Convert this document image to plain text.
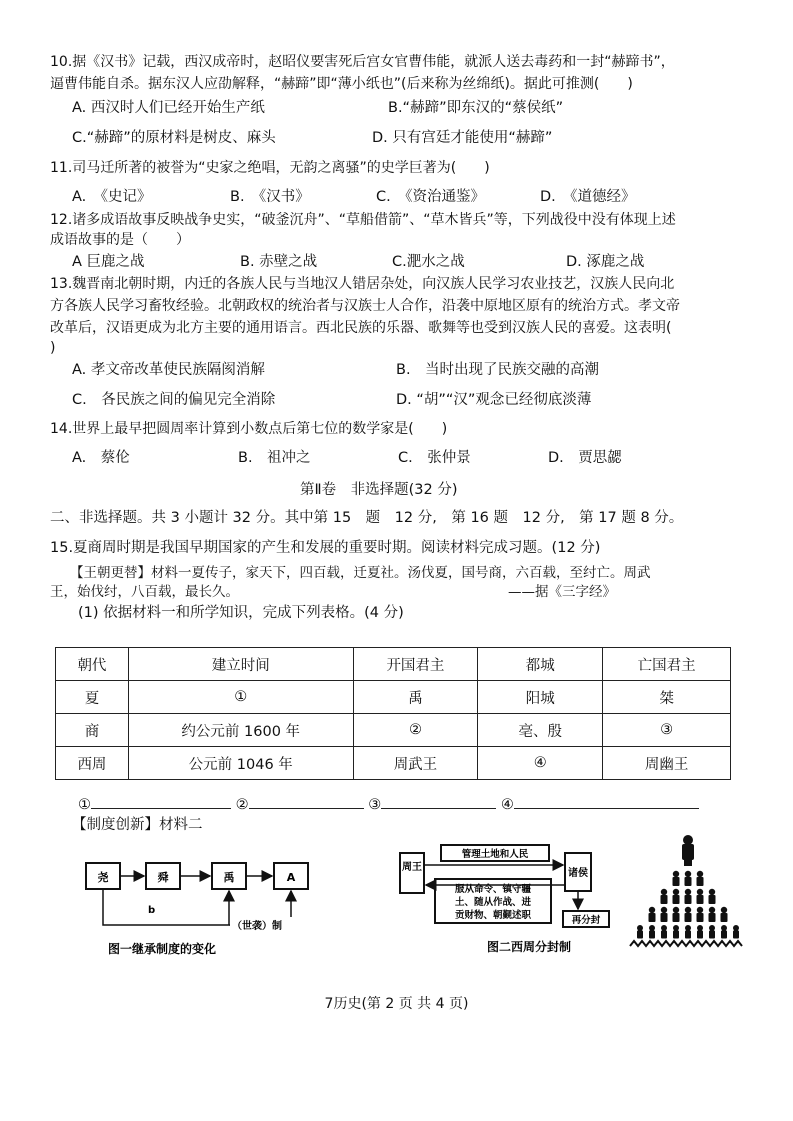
10.据《汉书》记载，西汉成帝时，赵昭仪要害死后宫女官曹伟能，就派人送去毒药和一封“赫蹄书”，
逼曹伟能自杀。据东汉人应劭解释，“赫蹄”即“薄小纸也”(后来称为丝绵纸)。据此可推测(　　)
A. 西汉时人们已经开始生产纸	B.“赫蹄”即东汉的“蔡侯纸”
C.“赫蹄”的原材料是树皮、麻头	D. 只有宫廷才能使用“赫蹄”
11.司马迁所著的被誉为“史家之绝唱，无韵之离骚”的史学巨著为(　　)
A.　《史记》	B.　《汉书》	C.　《资治通鉴》	D.　《道德经》
12.诸多成语故事反映战争史实，“破釜沉舟”、“草船借箭”、“草木皆兵”等，下列战役中没有体现上述
成语故事的是（　　）
A 巨鹿之战	B. 赤壁之战	C.淝水之战	D. 涿鹿之战
13.魏晋南北朝时期，内迁的各族人民与当地汉人错居杂处，向汉族人民学习农业技艺，汉族人民向北
方各族人民学习畜牧经验。北朝政权的统治者与汉族士人合作，沿袭中原地区原有的统治方式。孝文帝
改革后，汉语更成为北方主要的通用语言。西北民族的乐器、歌舞等也受到汉族人民的喜爱。这表明(
)
A. 孝文帝改革使民族隔阂消解	B.　当时出现了民族交融的高潮
C.　各民族之间的偏见完全消除	D. “胡”“汉”观念已经彻底淡薄
14.世界上最早把圆周率计算到小数点后第七位的数学家是(　　)
A.　蔡伦	B.　祖冲之	C.　张仲景	D.　贾思勰
第Ⅱ卷　非选择题(32 分)
二、非选择题。共 3 小题计 32 分。其中第 15　题　12 分,　第 16 题　12 分,　第 17 题 8 分。
15.夏商周时期是我国早期国家的产生和发展的重要时期。阅读材料完成习题。(12 分)
【王朝更替】材料一夏传子，家天下，四百载，迁夏社。汤伐夏，国号商，六百载，至纣亡。周武
王，始伐纣，八百载，最长久。	——据《三字经》
(1) 依据材料一和所学知识，完成下列表格。(4 分)
朝代	建立时间	开国君主	都城	亡国君主
夏	①	禹	阳城	桀
商	约公元前 1600 年	②	亳、殷	③
西周	公元前 1046 年	周武王	④	周幽王
①	②	③	④
【制度创新】材料二
尧	舜	禹	A
b
（世袭）制
图一继承制度的变化
周王
管理土地和人民
诸侯
服从命令、镇守疆
土、随从作战、进
贡财物、朝觐述职	再分封
图二西周分封制
7历史(第 2 页 共 4 页)
